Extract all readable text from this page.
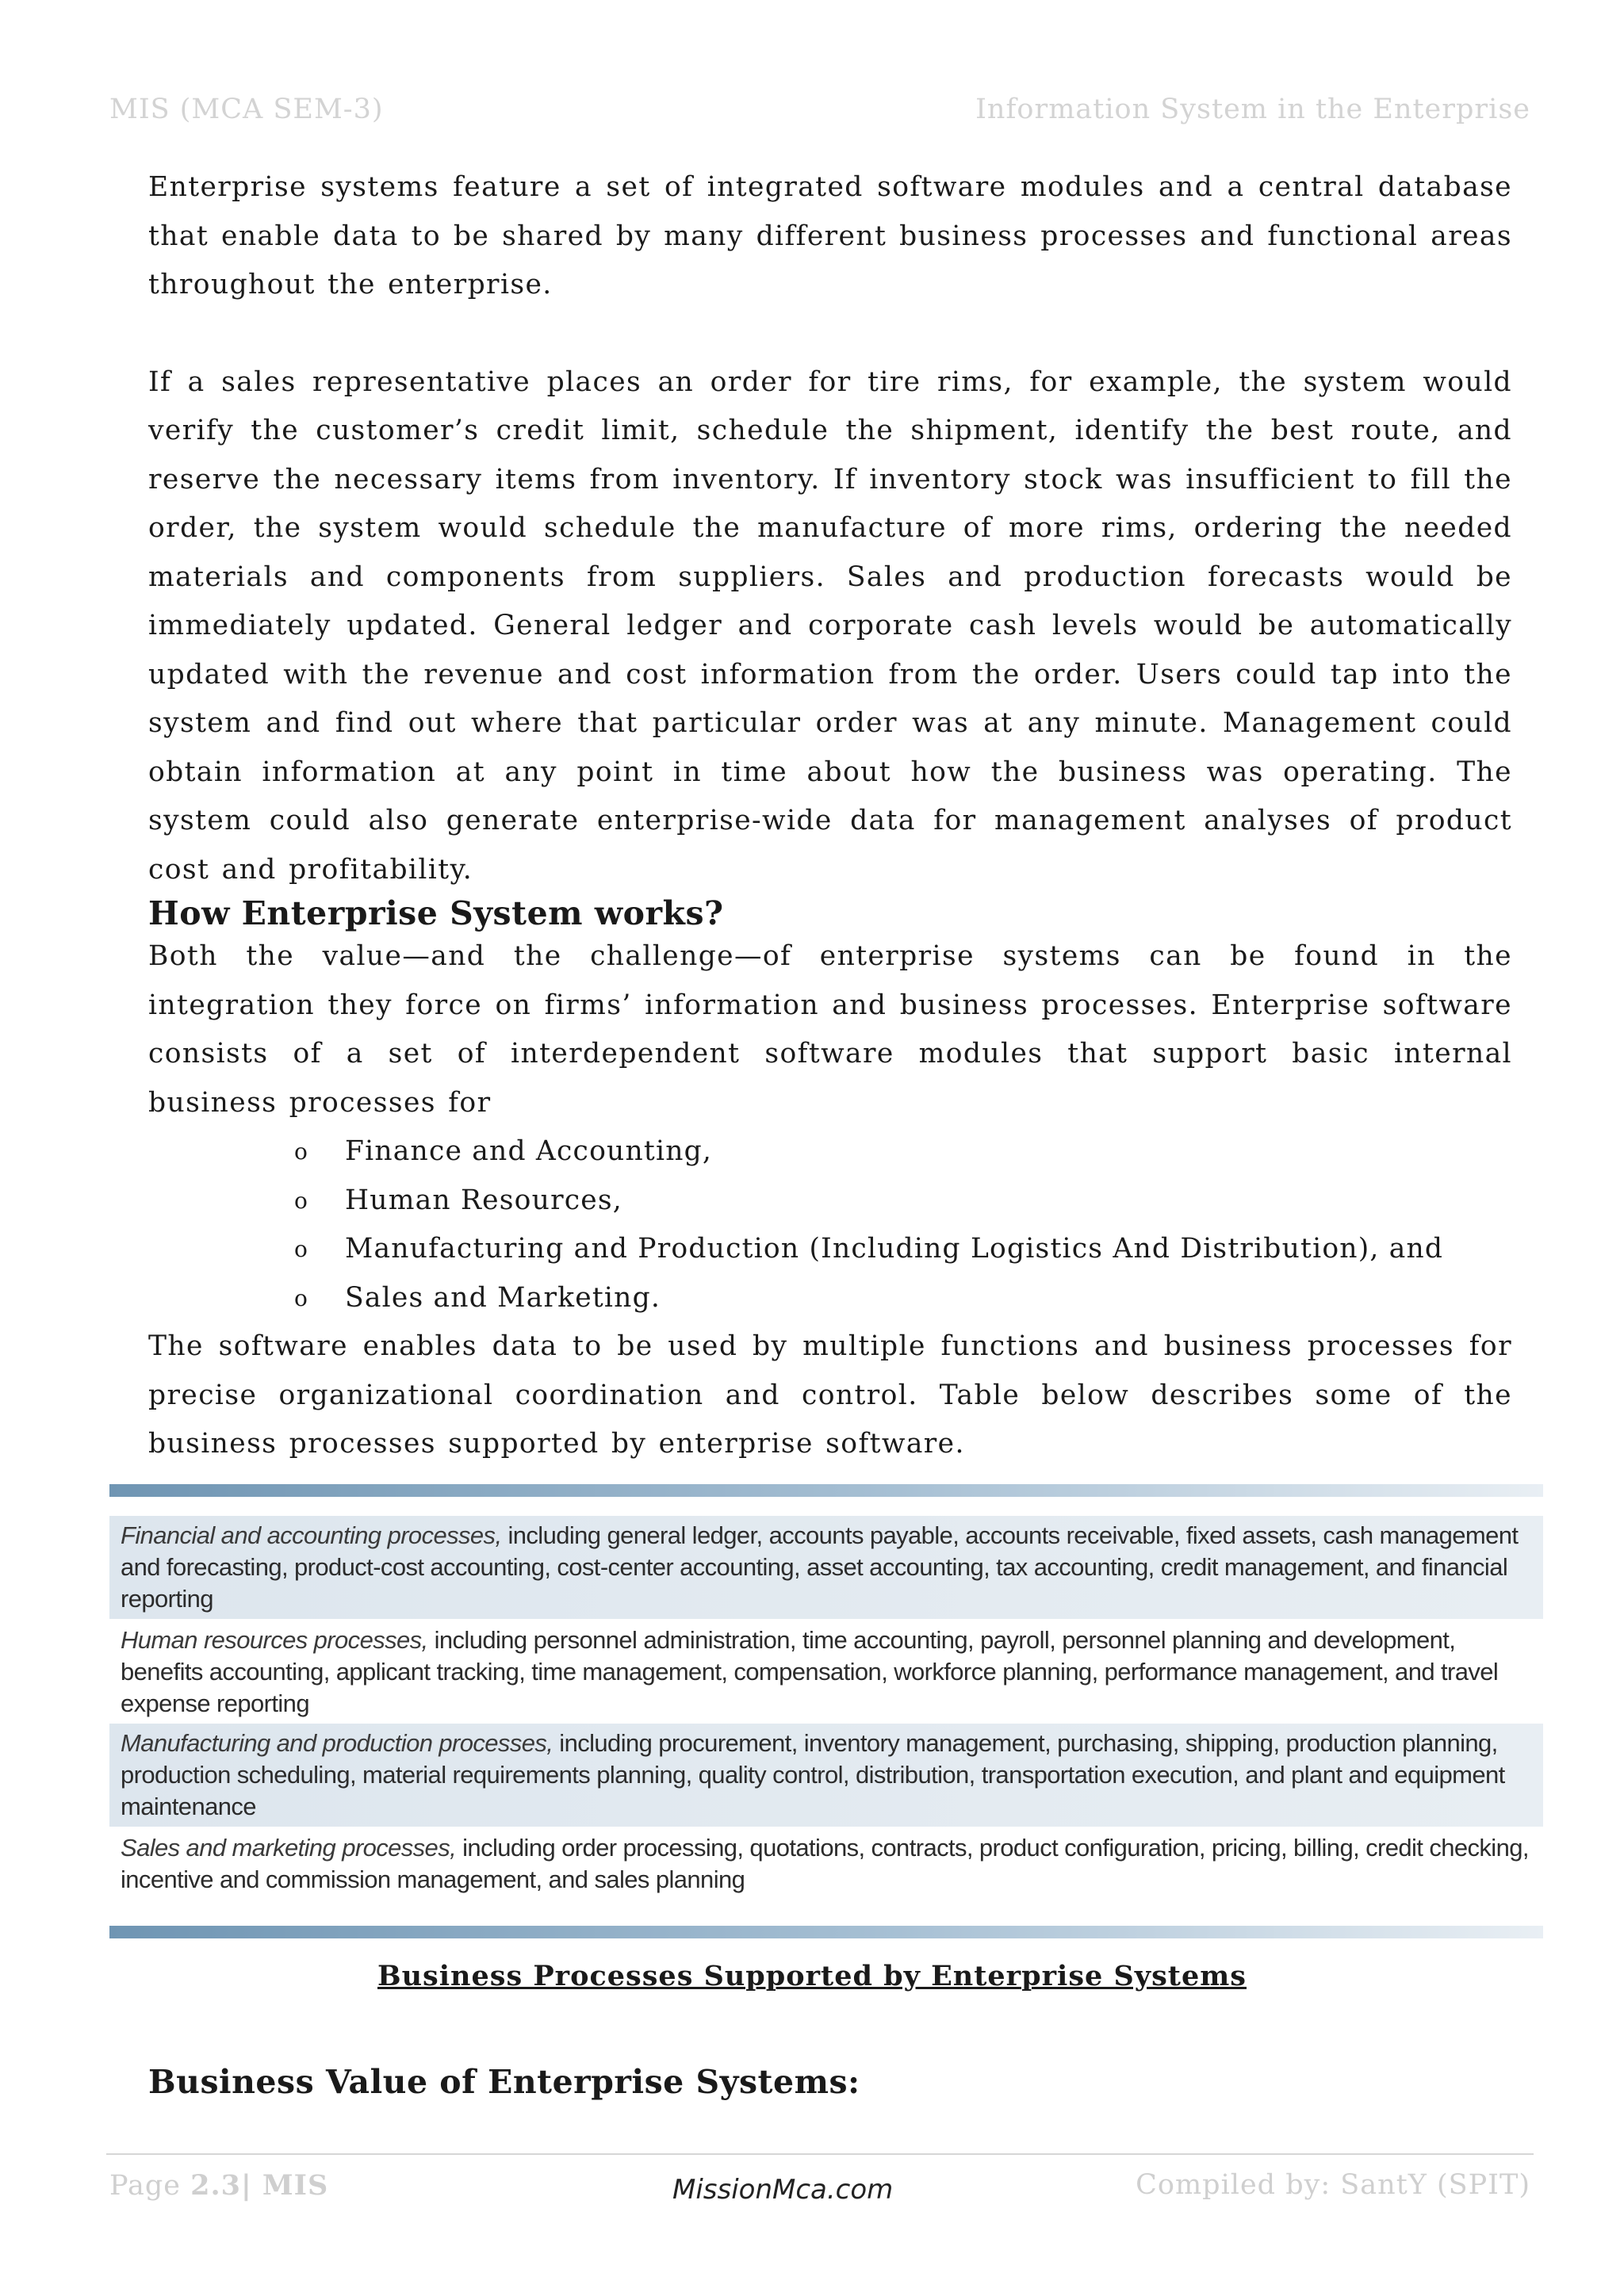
MIS (MCA SEM-3)	Information System in the Enterprise

Enterprise systems feature a set of integrated software modules and a central database that enable data to be shared by many different business processes and functional areas throughout the enterprise.

If a sales representative places an order for tire rims, for example, the system would verify the customer’s credit limit, schedule the shipment, identify the best route, and reserve the necessary items from inventory. If inventory stock was insufficient to fill the order, the system would schedule the manufacture of more rims, ordering the needed materials and components from suppliers. Sales and production forecasts would be immediately updated. General ledger and corporate cash levels would be automatically updated with the revenue and cost information from the order. Users could tap into the system and find out where that particular order was at any minute. Management could obtain information at any point in time about how the business was operating. The system could also generate enterprise-wide data for management analyses of product cost and profitability.

How Enterprise System works?

Both the value—and the challenge—of enterprise systems can be found in the integration they force on firms’ information and business processes. Enterprise software consists of a set of interdependent software modules that support basic internal business processes for

o Finance and Accounting,
o Human Resources,
o Manufacturing and Production (Including Logistics And Distribution), and
o Sales and Marketing.

The software enables data to be used by multiple functions and business processes for precise organizational coordination and control. Table below describes some of the business processes supported by enterprise software.

Financial and accounting processes, including general ledger, accounts payable, accounts receivable, fixed assets, cash management and forecasting, product-cost accounting, cost-center accounting, asset accounting, tax accounting, credit management, and financial reporting
Human resources processes, including personnel administration, time accounting, payroll, personnel planning and development, benefits accounting, applicant tracking, time management, compensation, workforce planning, performance management, and travel expense reporting
Manufacturing and production processes, including procurement, inventory management, purchasing, shipping, production planning, production scheduling, material requirements planning, quality control, distribution, transportation execution, and plant and equipment maintenance
Sales and marketing processes, including order processing, quotations, contracts, product configuration, pricing, billing, credit checking, incentive and commission management, and sales planning
Business Processes Supported by Enterprise Systems
Business Value of Enterprise Systems:
Page 2.3| MIS	MissionMca.com	Compiled by: SantY (SPIT)
